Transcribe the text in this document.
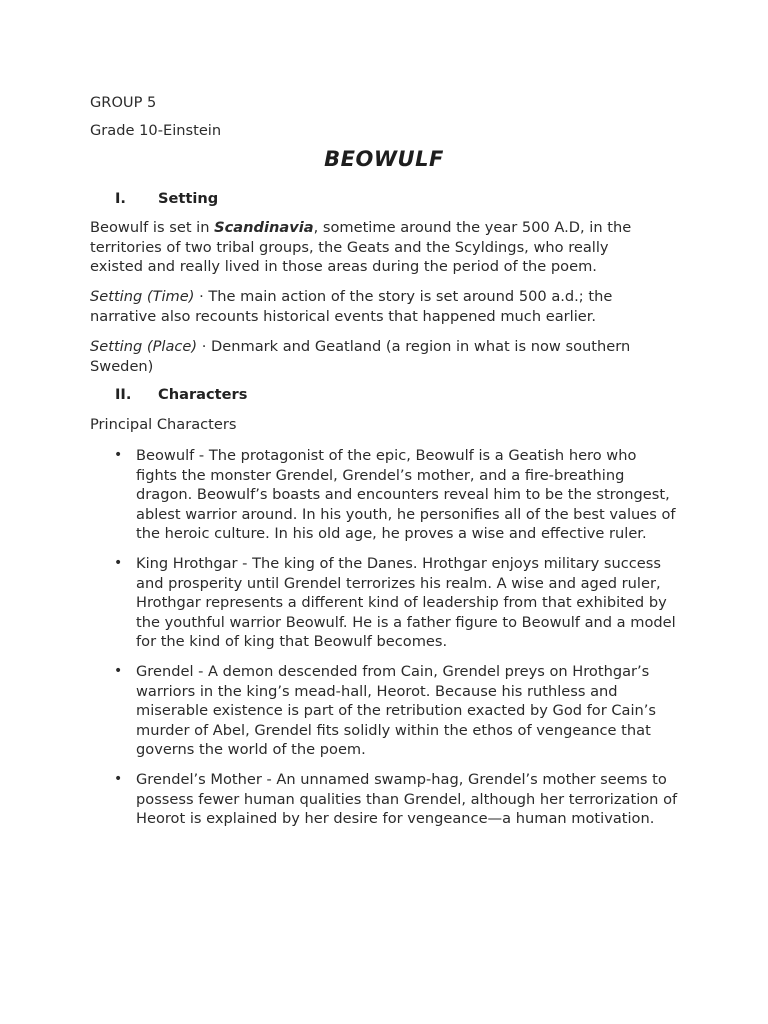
GROUP 5
Grade 10-Einstein
BEOWULF
I. Setting
Beowulf is set in Scandinavia, sometime around the year 500 A.D, in the territories of two tribal groups, the Geats and the Scyldings, who really existed and really lived in those areas during the period of the poem.
Setting (Time) · The main action of the story is set around 500 a.d.; the narrative also recounts historical events that happened much earlier.
Setting (Place) · Denmark and Geatland (a region in what is now southern Sweden)
II. Characters
Principal Characters
• Beowulf - The protagonist of the epic, Beowulf is a Geatish hero who fights the monster Grendel, Grendel’s mother, and a fire-breathing dragon. Beowulf’s boasts and encounters reveal him to be the strongest, ablest warrior around. In his youth, he personifies all of the best values of the heroic culture. In his old age, he proves a wise and effective ruler.
• King Hrothgar - The king of the Danes. Hrothgar enjoys military success and prosperity until Grendel terrorizes his realm. A wise and aged ruler, Hrothgar represents a different kind of leadership from that exhibited by the youthful warrior Beowulf. He is a father figure to Beowulf and a model for the kind of king that Beowulf becomes.
• Grendel - A demon descended from Cain, Grendel preys on Hrothgar’s warriors in the king’s mead-hall, Heorot. Because his ruthless and miserable existence is part of the retribution exacted by God for Cain’s murder of Abel, Grendel fits solidly within the ethos of vengeance that governs the world of the poem.
• Grendel’s Mother - An unnamed swamp-hag, Grendel’s mother seems to possess fewer human qualities than Grendel, although her terrorization of Heorot is explained by her desire for vengeance—a human motivation.
